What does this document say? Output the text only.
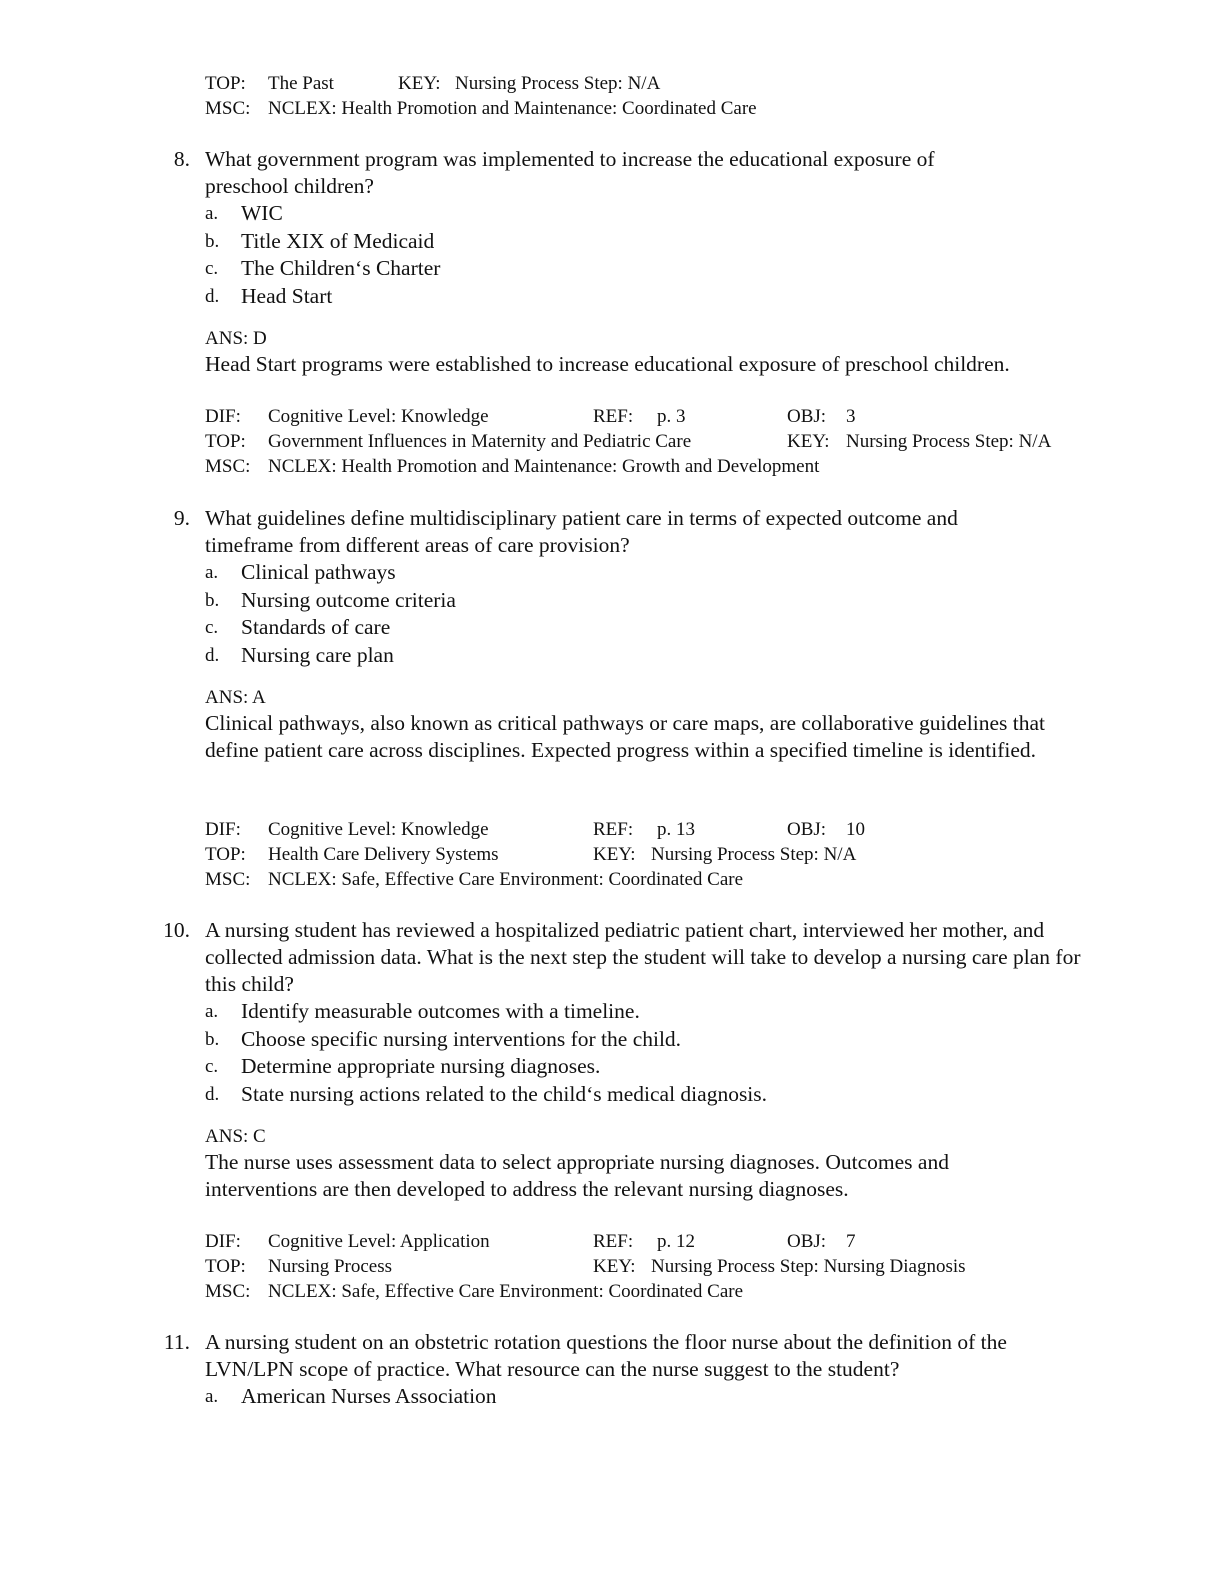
TOP: The Past	KEY: Nursing Process Step: N/A
MSC: NCLEX: Health Promotion and Maintenance: Coordinated Care
8. What government program was implemented to increase the educational exposure of preschool children?
a. WIC
b. Title XIX of Medicaid
c. The Children‘s Charter
d. Head Start
ANS: D
Head Start programs were established to increase educational exposure of preschool children.
DIF: Cognitive Level: Knowledge	REF: p. 3	OBJ: 3
TOP: Government Influences in Maternity and Pediatric Care	KEY: Nursing Process Step: N/A
MSC: NCLEX: Health Promotion and Maintenance: Growth and Development
9. What guidelines define multidisciplinary patient care in terms of expected outcome and timeframe from different areas of care provision?
a. Clinical pathways
b. Nursing outcome criteria
c. Standards of care
d. Nursing care plan
ANS: A
Clinical pathways, also known as critical pathways or care maps, are collaborative guidelines that define patient care across disciplines. Expected progress within a specified timeline is identified.
DIF: Cognitive Level: Knowledge	REF: p. 13	OBJ: 10
TOP: Health Care Delivery Systems	KEY: Nursing Process Step: N/A
MSC: NCLEX: Safe, Effective Care Environment: Coordinated Care
10. A nursing student has reviewed a hospitalized pediatric patient chart, interviewed her mother, and collected admission data. What is the next step the student will take to develop a nursing care plan for this child?
a. Identify measurable outcomes with a timeline.
b. Choose specific nursing interventions for the child.
c. Determine appropriate nursing diagnoses.
d. State nursing actions related to the child‘s medical diagnosis.
ANS: C
The nurse uses assessment data to select appropriate nursing diagnoses. Outcomes and interventions are then developed to address the relevant nursing diagnoses.
DIF: Cognitive Level: Application	REF: p. 12	OBJ: 7
TOP: Nursing Process	KEY: Nursing Process Step: Nursing Diagnosis
MSC: NCLEX: Safe, Effective Care Environment: Coordinated Care
11. A nursing student on an obstetric rotation questions the floor nurse about the definition of the LVN/LPN scope of practice. What resource can the nurse suggest to the student?
a. American Nurses Association
